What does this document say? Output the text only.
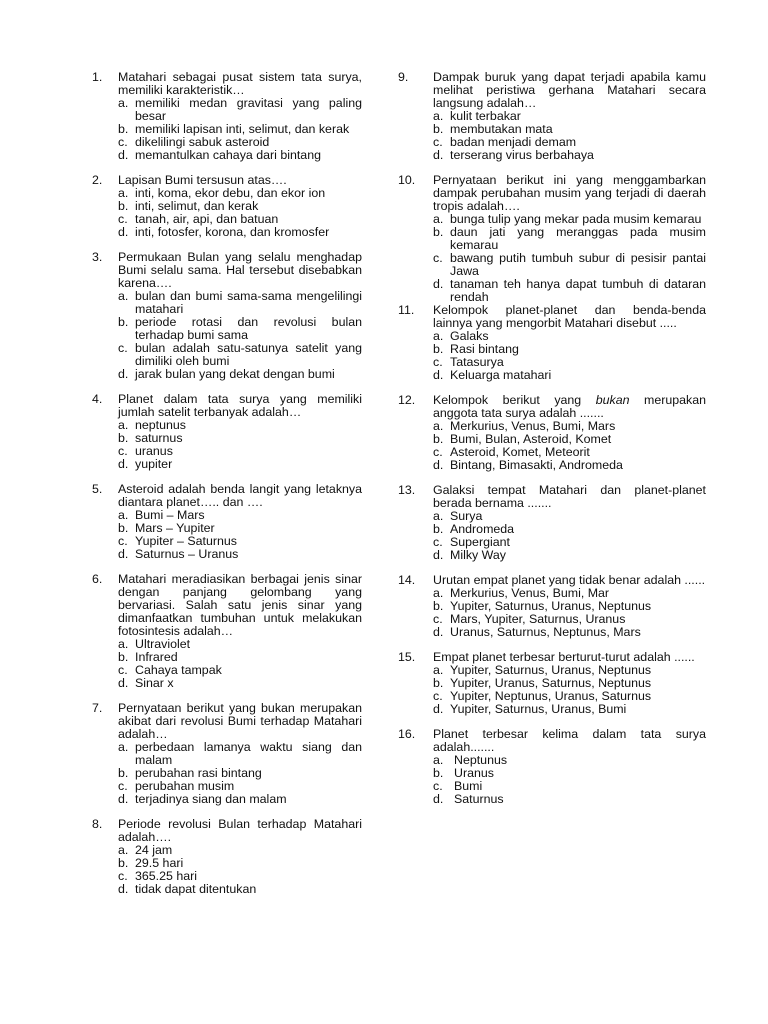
1. Matahari sebagai pusat sistem tata surya, memiliki karakteristik…
a. memiliki medan gravitasi yang paling besar
b. memiliki lapisan inti, selimut, dan kerak
c. dikelilingi sabuk asteroid
d. memantulkan cahaya dari bintang
2. Lapisan Bumi tersusun atas….
a. inti, koma, ekor debu, dan ekor ion
b. inti, selimut, dan kerak
c. tanah, air, api, dan batuan
d. inti, fotosfer, korona, dan kromosfer
3. Permukaan Bulan yang selalu menghadap Bumi selalu sama. Hal tersebut disebabkan karena….
a. bulan dan bumi sama-sama mengelilingi matahari
b. periode rotasi dan revolusi bulan terhadap bumi sama
c. bulan adalah satu-satunya satelit yang dimiliki oleh bumi
d. jarak bulan yang dekat dengan bumi
4. Planet dalam tata surya yang memiliki jumlah satelit terbanyak adalah…
a. neptunus
b. saturnus
c. uranus
d. yupiter
5. Asteroid adalah benda langit yang letaknya diantara planet….. dan ….
a. Bumi – Mars
b. Mars – Yupiter
c. Yupiter – Saturnus
d. Saturnus – Uranus
6. Matahari meradiasikan berbagai jenis sinar dengan panjang gelombang yang bervariasi. Salah satu jenis sinar yang dimanfaatkan tumbuhan untuk melakukan fotosintesis adalah…
a. Ultraviolet
b. Infrared
c. Cahaya tampak
d. Sinar x
7. Pernyataan berikut yang bukan merupakan akibat dari revolusi Bumi terhadap Matahari adalah…
a. perbedaan lamanya waktu siang dan malam
b. perubahan rasi bintang
c. perubahan musim
d. terjadinya siang dan malam
8. Periode revolusi Bulan terhadap Matahari adalah….
a. 24 jam
b. 29.5 hari
c. 365.25 hari
d. tidak dapat ditentukan
9. Dampak buruk yang dapat terjadi apabila kamu melihat peristiwa gerhana Matahari secara langsung adalah…
a. kulit terbakar
b. membutakan mata
c. badan menjadi demam
d. terserang virus berbahaya
10. Pernyataan berikut ini yang menggambarkan dampak perubahan musim yang terjadi di daerah tropis adalah….
a. bunga tulip yang mekar pada musim kemarau
b. daun jati yang meranggas pada musim kemarau
c. bawang putih tumbuh subur di pesisir pantai Jawa
d. tanaman teh hanya dapat tumbuh di dataran rendah
11. Kelompok planet-planet dan benda-benda lainnya yang mengorbit Matahari disebut .....
a. Galaks
b. Rasi bintang
c. Tatasurya
d. Keluarga matahari
12. Kelompok berikut yang bukan merupakan anggota tata surya adalah .......
a. Merkurius, Venus, Bumi, Mars
b. Bumi, Bulan, Asteroid, Komet
c. Asteroid, Komet, Meteorit
d. Bintang, Bimasakti, Andromeda
13. Galaksi tempat Matahari dan planet-planet berada bernama .......
a. Surya
b. Andromeda
c. Supergiant
d. Milky Way
14. Urutan empat planet yang tidak benar adalah ......
a. Merkurius, Venus, Bumi, Mar
b. Yupiter, Saturnus, Uranus, Neptunus
c. Mars, Yupiter, Saturnus, Uranus
d. Uranus, Saturnus, Neptunus, Mars
15. Empat planet terbesar berturut-turut adalah ......
a. Yupiter, Saturnus, Uranus, Neptunus
b. Yupiter, Uranus, Saturnus, Neptunus
c. Yupiter, Neptunus, Uranus, Saturnus
d. Yupiter, Saturnus, Uranus, Bumi
16. Planet terbesar kelima dalam tata surya adalah.......
a. Neptunus
b. Uranus
c. Bumi
d. Saturnus
